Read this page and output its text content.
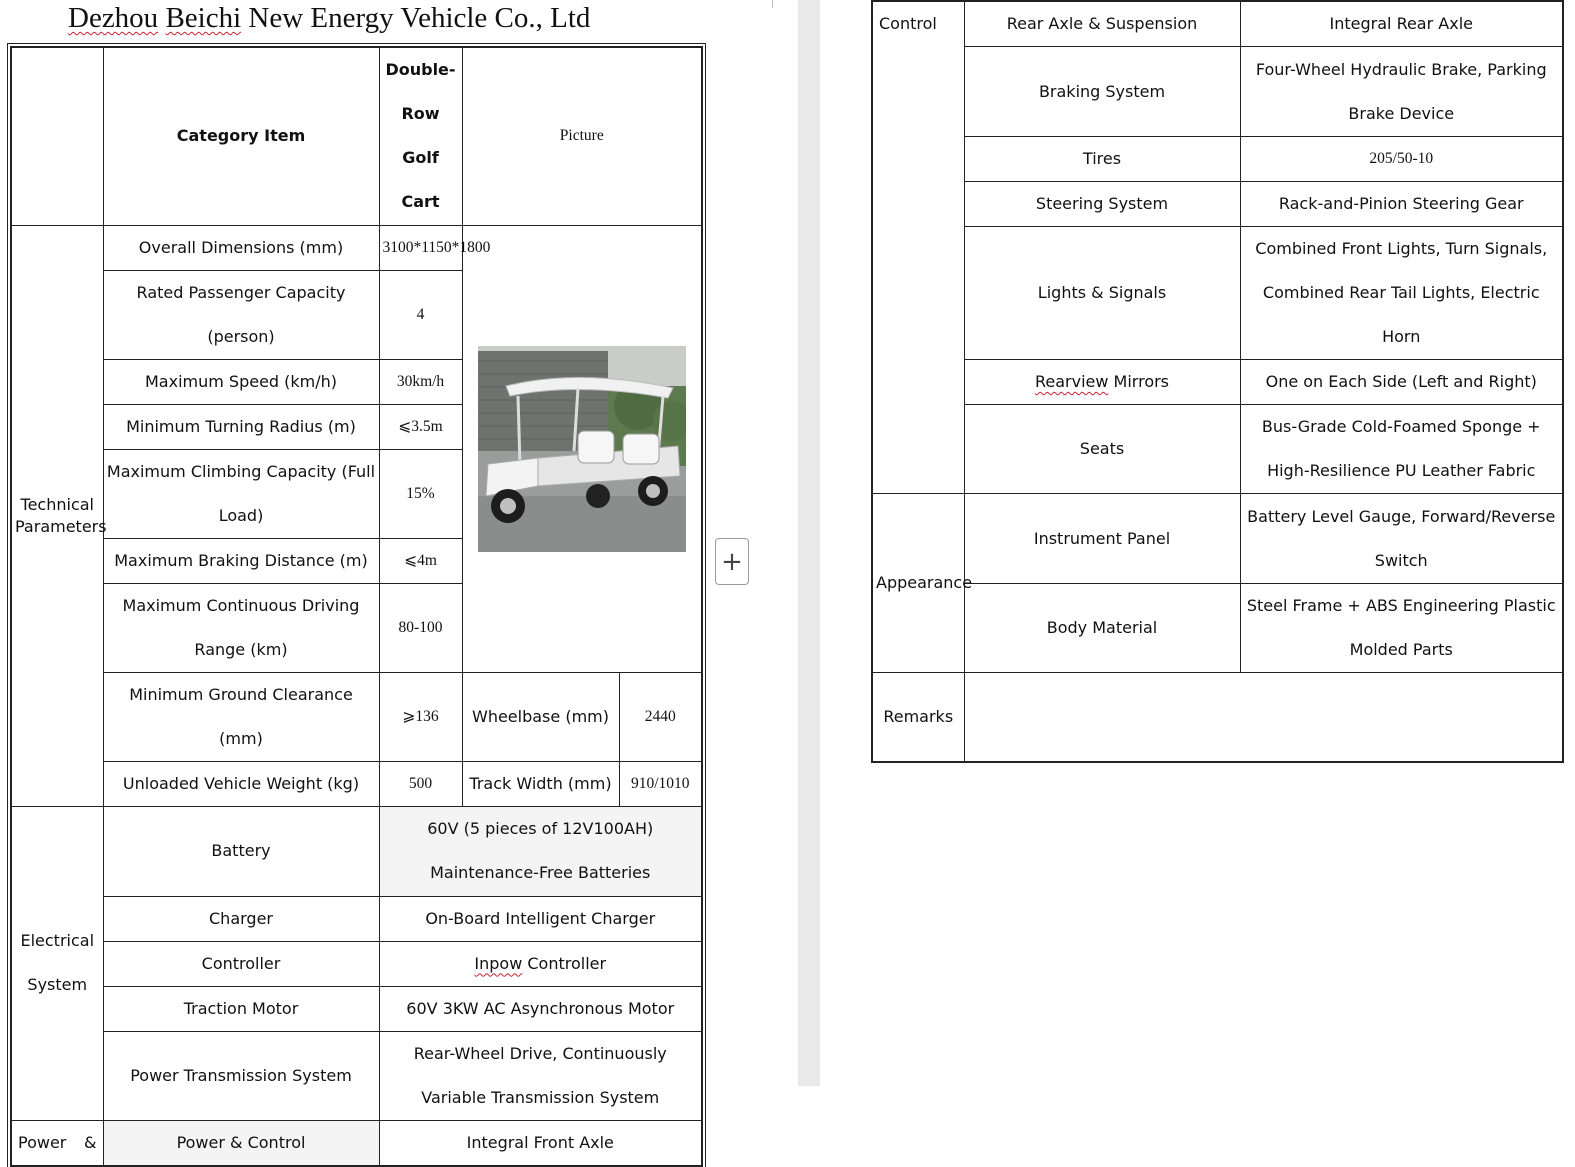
Dezhou Beichi New Energy Vehicle Co., Ltd
	Category Item	Double-Row Golf Cart	Picture	
Technical Parameters	Overall Dimensions (mm)	3100*1150*1800	

	Rated Passenger Capacity (person)	4		
	Maximum Speed (km/h)	30km/h		
	Minimum Turning Radius (m)	⩽3.5m		
	Maximum Climbing Capacity (Full Load)	15%		
	Maximum Braking Distance (m)	⩽4m		
	Maximum Continuous Driving Range (km)	80-100		
	Minimum Ground Clearance (mm)	⩾136	Wheelbase (mm)	2440
	Unloaded Vehicle Weight (kg)	500	Track Width (mm)	910/1010
Electrical System	Battery	60V (5 pieces of 12V100AH) Maintenance-Free Batteries		
	Charger	On-Board Intelligent Charger		
	Controller	Inpow Controller		
	Traction Motor	60V 3KW AC Asynchronous Motor		
	Power Transmission System	Rear-Wheel Drive, Continuously Variable Transmission System		
Power &	Power & Control	Integral Front Axle		
+
Control	Rear Axle & Suspension	Integral Rear Axle
	Braking System	Four-Wheel Hydraulic Brake, Parking Brake Device
	Tires	205/50-10
	Steering System	Rack-and-Pinion Steering Gear
	Lights & Signals	Combined Front Lights, Turn Signals, Combined Rear Tail Lights, Electric Horn
	Rearview Mirrors	One on Each Side (Left and Right)
	Seats	Bus-Grade Cold-Foamed Sponge + High-Resilience PU Leather Fabric
Appearance	Instrument Panel	Battery Level Gauge, Forward/Reverse Switch
	Body Material	Steel Frame + ABS Engineering Plastic Molded Parts
Remarks		
